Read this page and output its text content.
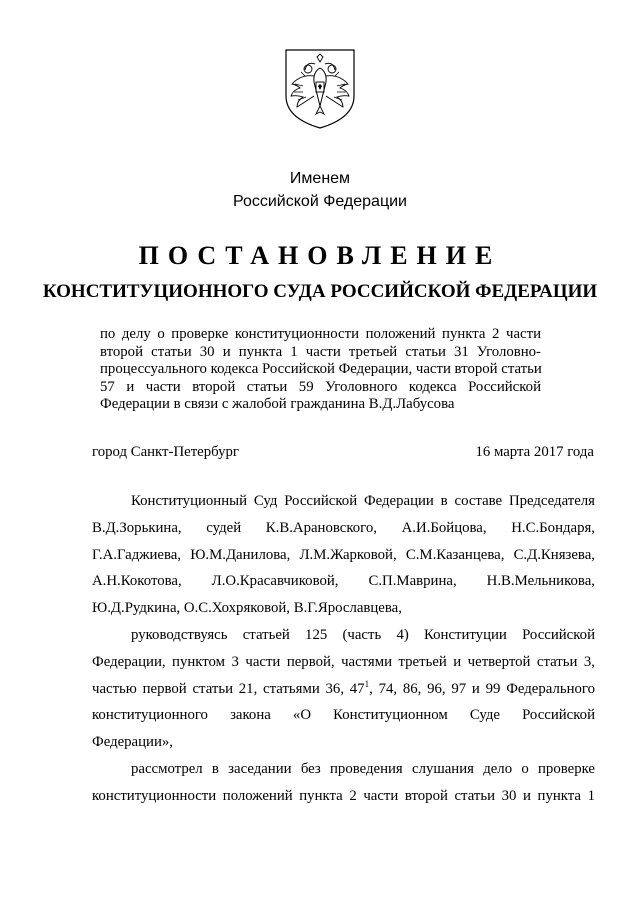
Именем
Российской Федерации
ПОСТАНОВЛЕНИЕ
КОНСТИТУЦИОННОГО СУДА РОССИЙСКОЙ ФЕДЕРАЦИИ
по делу о проверке конституционности положений пункта 2 части
второй статьи 30 и пункта 1 части третьей статьи 31 Уголовно-
процессуального кодекса Российской Федерации, части второй статьи
57 и части второй статьи 59 Уголовного кодекса Российской
Федерации в связи с жалобой гражданина В.Д.Лабусова
город Санкт-Петербург	16 марта 2017 года
Конституционный Суд Российской Федерации в составе Председателя
В.Д.Зорькина, судей К.В.Арановского, А.И.Бойцова, Н.С.Бондаря,
Г.А.Гаджиева, Ю.М.Данилова, Л.М.Жарковой, С.М.Казанцева, С.Д.Князева,
А.Н.Кокотова, Л.О.Красавчиковой, С.П.Маврина, Н.В.Мельникова,
Ю.Д.Рудкина, О.С.Хохряковой, В.Г.Ярославцева,
руководствуясь статьей 125 (часть 4) Конституции Российской
Федерации, пунктом 3 части первой, частями третьей и четвертой статьи 3,
частью первой статьи 21, статьями 36, $47^1$, 74, 86, 96, 97 и 99 Федерального
конституционного закона «О Конституционном Суде Российской
Федерации»,
рассмотрел в заседании без проведения слушания дело о проверке
конституционности положений пункта 2 части второй статьи 30 и пункта 1
